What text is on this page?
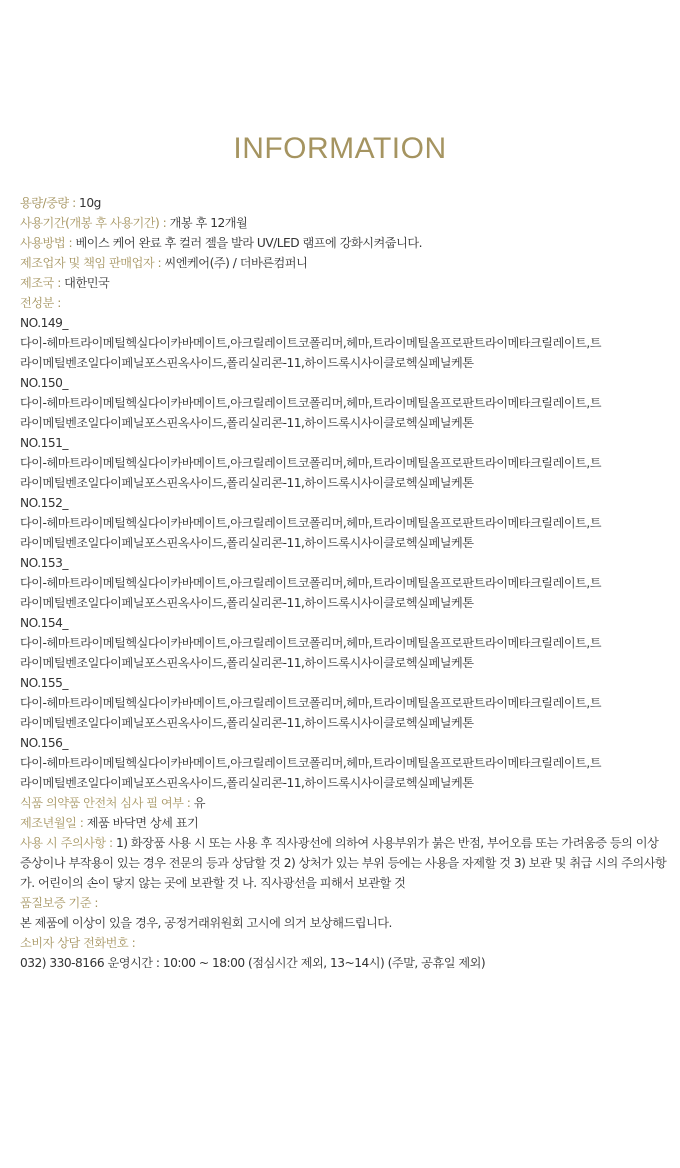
INFORMATION
용량/중량 : 10g
사용기간(개봉 후 사용기간) : 개봉 후 12개월
사용방법 : 베이스 케어 완료 후 컬러 젤을 발라 UV/LED 램프에 강화시켜줍니다.
제조업자 및 책임 판매업자 : 씨엔케어(주) / 더바른컴퍼니
제조국 : 대한민국
전성분 :
NO.149_
다이-헤마트라이메틸헥실다이카바메이트,아크릴레이트코폴리머,헤마,트라이메틸올프로판트라이메타크릴레이트,트
라이메틸벤조일다이페닐포스핀옥사이드,폴리실리콘-11,하이드록시사이클로헥실페닐케톤
NO.150_
다이-헤마트라이메틸헥실다이카바메이트,아크릴레이트코폴리머,헤마,트라이메틸올프로판트라이메타크릴레이트,트
라이메틸벤조일다이페닐포스핀옥사이드,폴리실리콘-11,하이드록시사이클로헥실페닐케톤
NO.151_
다이-헤마트라이메틸헥실다이카바메이트,아크릴레이트코폴리머,헤마,트라이메틸올프로판트라이메타크릴레이트,트
라이메틸벤조일다이페닐포스핀옥사이드,폴리실리콘-11,하이드록시사이클로헥실페닐케톤
NO.152_
다이-헤마트라이메틸헥실다이카바메이트,아크릴레이트코폴리머,헤마,트라이메틸올프로판트라이메타크릴레이트,트
라이메틸벤조일다이페닐포스핀옥사이드,폴리실리콘-11,하이드록시사이클로헥실페닐케톤
NO.153_
다이-헤마트라이메틸헥실다이카바메이트,아크릴레이트코폴리머,헤마,트라이메틸올프로판트라이메타크릴레이트,트
라이메틸벤조일다이페닐포스핀옥사이드,폴리실리콘-11,하이드록시사이클로헥실페닐케톤
NO.154_
다이-헤마트라이메틸헥실다이카바메이트,아크릴레이트코폴리머,헤마,트라이메틸올프로판트라이메타크릴레이트,트
라이메틸벤조일다이페닐포스핀옥사이드,폴리실리콘-11,하이드록시사이클로헥실페닐케톤
NO.155_
다이-헤마트라이메틸헥실다이카바메이트,아크릴레이트코폴리머,헤마,트라이메틸올프로판트라이메타크릴레이트,트
라이메틸벤조일다이페닐포스핀옥사이드,폴리실리콘-11,하이드록시사이클로헥실페닐케톤
NO.156_
다이-헤마트라이메틸헥실다이카바메이트,아크릴레이트코폴리머,헤마,트라이메틸올프로판트라이메타크릴레이트,트
라이메틸벤조일다이페닐포스핀옥사이드,폴리실리콘-11,하이드록시사이클로헥실페닐케톤
식품 의약품 안전처 심사 필 여부 : 유
제조년월일 : 제품 바닥면 상세 표기
사용 시 주의사항 : 1) 화장품 사용 시 또는 사용 후 직사광선에 의하여 사용부위가 붉은 반점, 부어오름 또는 가려움증 등의 이상 증상이나 부작용이 있는 경우 전문의 등과 상담할 것 2) 상처가 있는 부위 등에는 사용을 자제할 것 3) 보관 및 취급 시의 주의사항 가. 어린이의 손이 닿지 않는 곳에 보관할 것 나. 직사광선을 피해서 보관할 것
품질보증 기준 :
본 제품에 이상이 있을 경우, 공정거래위원회 고시에 의거 보상해드립니다.
소비자 상담 전화번호 :
032) 330-8166 운영시간 : 10:00 ~ 18:00 (점심시간 제외, 13~14시) (주말, 공휴일 제외)
